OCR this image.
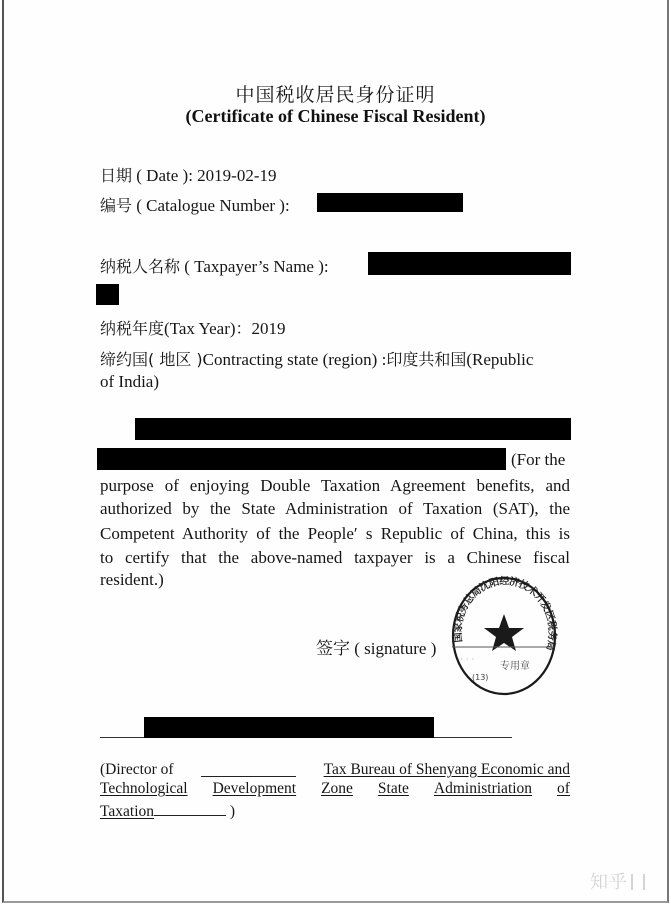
中国税收居民身份证明
(Certificate of Chinese Fiscal Resident)
日期 ( Date ): 2019-02-19
编号 ( Catalogue Number ):
纳税人名称 ( Taxpayer’s Name ):
纳税年度(Tax Year)：2019
缔约国( 地区 )Contracting state (region) :印度共和国(Republic
of India)
(For the
purpose of enjoying Double Taxation Agreement benefits, and
authorized by the State Administration of Taxation (SAT), the
Competent Authority of the People′ s Republic of China, this is
to certify that the above-named taxpayer is a Chinese fiscal
resident.)
签字 ( signature )
国家税务总局沈阳经济技术开发区税务局
专用章
(13)
· · ·
(Director of	Tax Bureau of Shenyang Economic and
Technological Development Zone State Administriation of
Taxation	)
知乎
